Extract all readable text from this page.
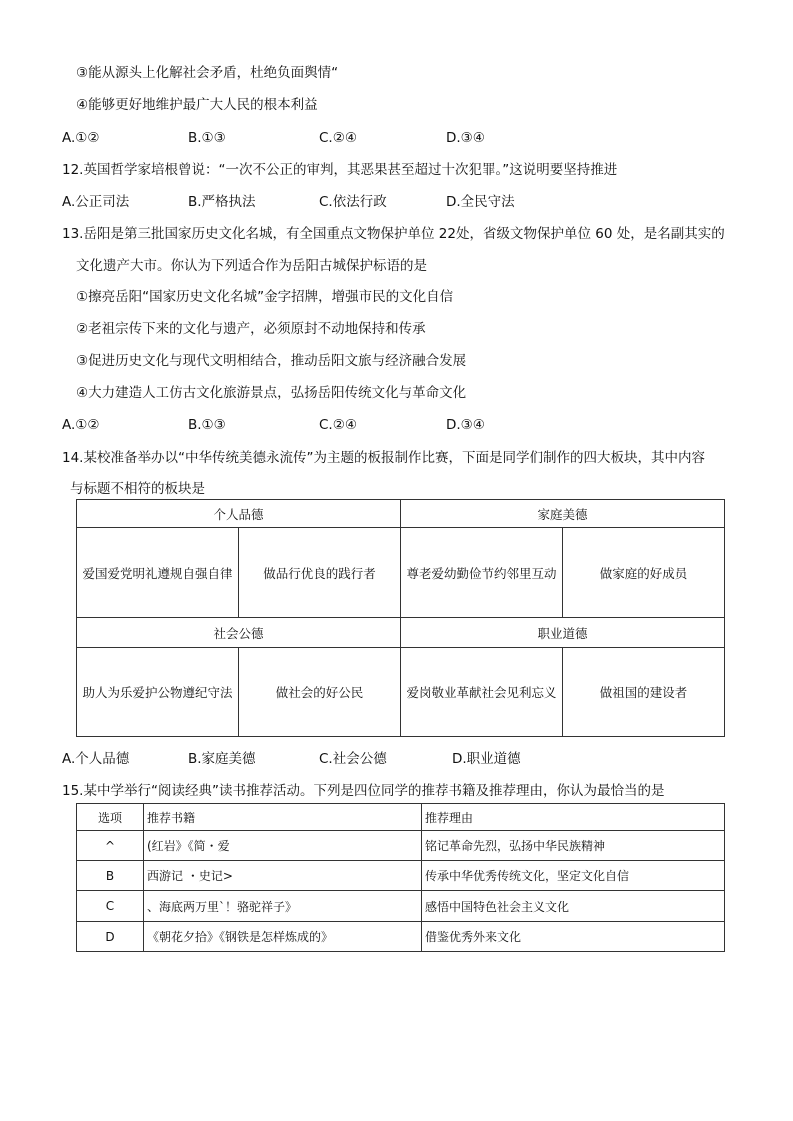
③能从源头上化解社会矛盾，杜绝负面舆情“
④能够更好地维护最广大人民的根本利益
A.①②	B.①③	C.②④	D.③④
12.英国哲学家培根曾说：“一次不公正的审判，其恶果甚至超过十次犯罪。”这说明要坚持推进
A.公正司法	B.严格执法	C.依法行政	D.全民守法
13.岳阳是第三批国家历史文化名城，有全国重点文物保护单位 22处，省级文物保护单位 60 处，是名副其实的
文化遗产大市。你认为下列适合作为岳阳古城保护标语的是
①擦亮岳阳“国家历史文化名城”金字招牌，增强市民的文化自信
②老祖宗传下来的文化与遗产，必须原封不动地保持和传承
③促进历史文化与现代文明相结合，推动岳阳文旅与经济融合发展
④大力建造人工仿古文化旅游景点，弘扬岳阳传统文化与革命文化
A.①②	B.①③	C.②④	D.③④
14.某校准备举办以“中华传统美德永流传”为主题的板报制作比赛，下面是同学们制作的四大板块，其中内容
与标题不相符的板块是
个人品德		家庭美德	
爱国爱党明礼遵规自强自律	做品行优良的践行者	尊老爱幼勤俭节约邻里互动	做家庭的好成员
社会公德		职业道德	
助人为乐爱护公物遵纪守法	做社会的好公民	爱岗敬业革献社会见利忘义	做祖国的建设者
A.个人品德	B.家庭美德	C.社会公德	D.职业道德
15.某中学举行“阅读经典”读书推荐活动。下列是四位同学的推荐书籍及推荐理由，你认为最恰当的是
选项	推荐书籍	推荐理由
^	(红岩》《简・爱	铭记革命先烈，弘扬中华民族精神
B	西游记 ・史记>	传承中华优秀传统文化，坚定文化自信
C	、海底两万里`！骆驼祥子》	感悟中国特色社会主义文化
D	《朝花夕拾》《钢铁是怎样炼成的》	借鉴优秀外来文化
